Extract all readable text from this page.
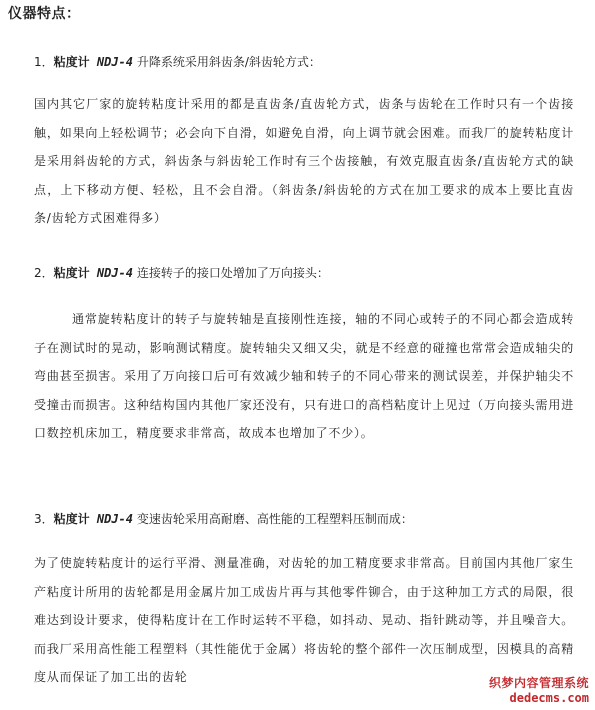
仪器特点：
1．粘度计 NDJ-4 升降系统采用斜齿条/斜齿轮方式：
国内其它厂家的旋转粘度计采用的都是直齿条/直齿轮方式，齿条与齿轮在工作时只有一个齿接触，如果向上轻松调节；必会向下自滑，如避免自滑，向上调节就会困难。而我厂的旋转粘度计是采用斜齿轮的方式，斜齿条与斜齿轮工作时有三个齿接触，有效克服直齿条/直齿轮方式的缺点，上下移动方便、轻松，且不会自滑。（斜齿条/斜齿轮的方式在加工要求的成本上要比直齿条/齿轮方式困难得多）
2．粘度计 NDJ-4 连接转子的接口处增加了万向接头：
通常旋转粘度计的转子与旋转轴是直接刚性连接，轴的不同心或转子的不同心都会造成转子在测试时的晃动，影响测试精度。旋转轴尖又细又尖，就是不经意的碰撞也常常会造成轴尖的弯曲甚至损害。采用了万向接口后可有效减少轴和转子的不同心带来的测试误差，并保护轴尖不受撞击而损害。这种结构国内其他厂家还没有，只有进口的高档粘度计上见过（万向接头需用进口数控机床加工，精度要求非常高，故成本也增加了不少）。
3．粘度计 NDJ-4 变速齿轮采用高耐磨、高性能的工程塑料压制而成：
为了使旋转粘度计的运行平滑、测量准确，对齿轮的加工精度要求非常高。目前国内其他厂家生产粘度计所用的齿轮都是用金属片加工成齿片再与其他零件铆合，由于这种加工方式的局限，很难达到设计要求，使得粘度计在工作时运转不平稳，如抖动、晃动、指针跳动等，并且噪音大。而我厂采用高性能工程塑料（其性能优于金属）将齿轮的整个部件一次压制成型，因模具的高精度从而保证了加工出的齿轮	织梦内容管理系统
dedecms.com
